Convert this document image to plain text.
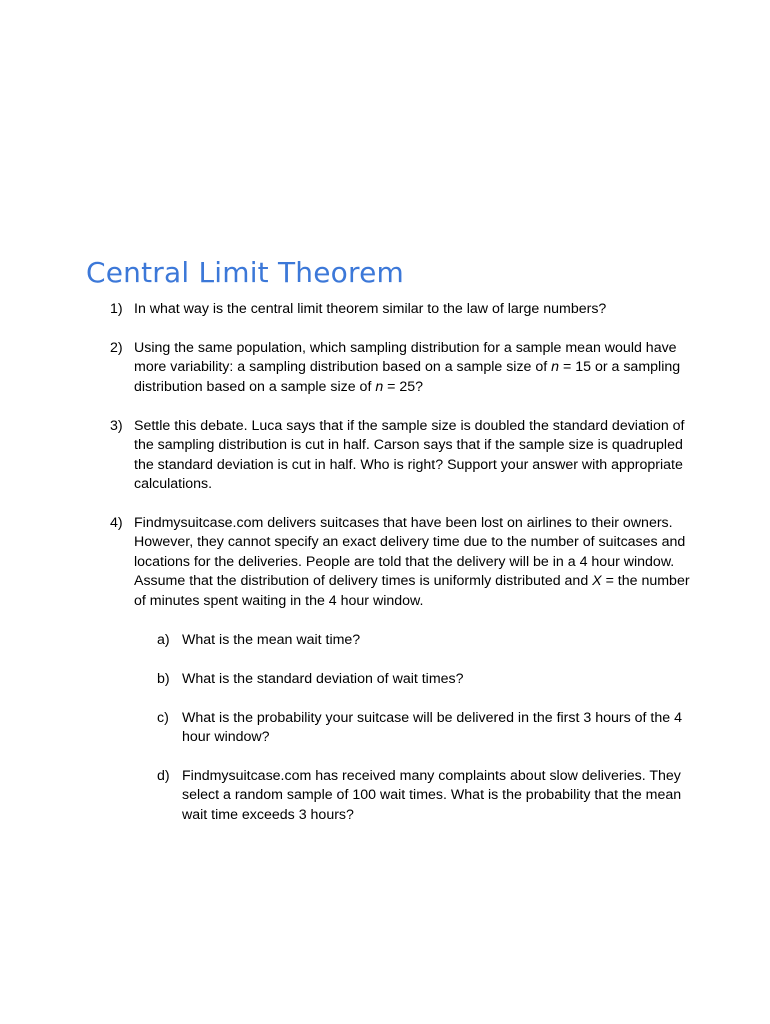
Central Limit Theorem
1) In what way is the central limit theorem similar to the law of large numbers?
2) Using the same population, which sampling distribution for a sample mean would have
more variability: a sampling distribution based on a sample size of n = 15 or a sampling
distribution based on a sample size of n = 25?
3) Settle this debate. Luca says that if the sample size is doubled the standard deviation of
the sampling distribution is cut in half. Carson says that if the sample size is quadrupled
the standard deviation is cut in half. Who is right? Support your answer with appropriate
calculations.
4) Findmysuitcase.com delivers suitcases that have been lost on airlines to their owners.
However, they cannot specify an exact delivery time due to the number of suitcases and
locations for the deliveries. People are told that the delivery will be in a 4 hour window.
Assume that the distribution of delivery times is uniformly distributed and X = the number
of minutes spent waiting in the 4 hour window.
a) What is the mean wait time?
b) What is the standard deviation of wait times?
c) What is the probability your suitcase will be delivered in the first 3 hours of the 4
hour window?
d) Findmysuitcase.com has received many complaints about slow deliveries. They
select a random sample of 100 wait times. What is the probability that the mean
wait time exceeds 3 hours?
